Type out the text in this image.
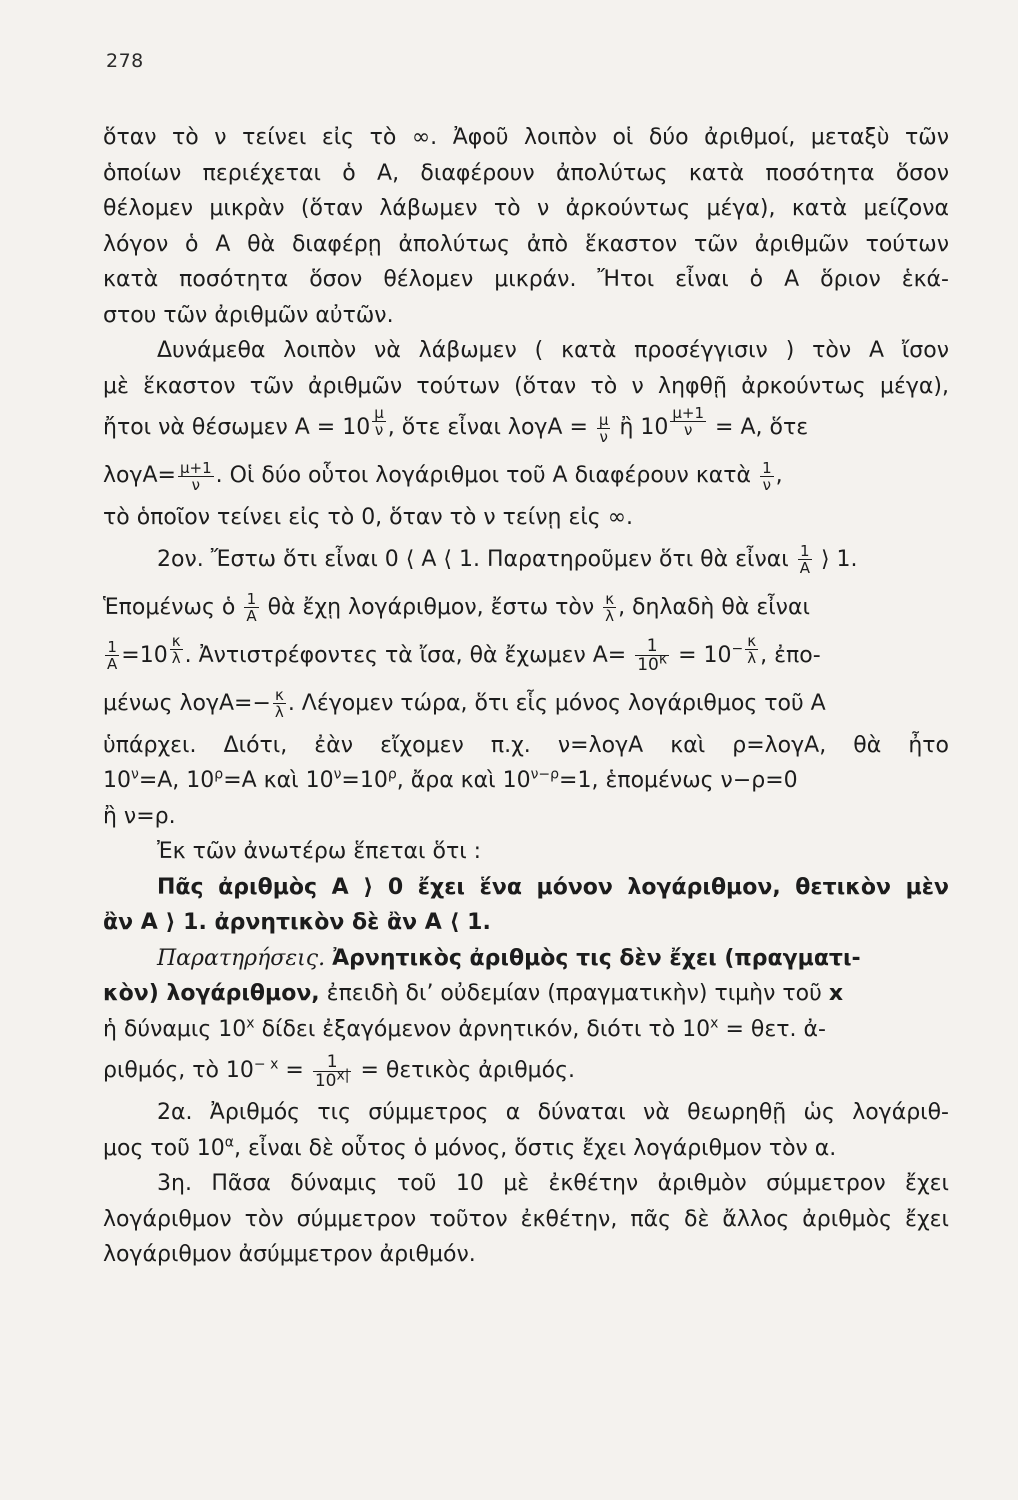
278
ὅταν τὸ ν τείνει εἰς τὸ ∞. Ἀφοῦ λοιπὸν οἱ δύο ἀριθμοί, μεταξὺ τῶν
ὁποίων περιέχεται ὁ Α, διαφέρουν ἀπολύτως κατὰ ποσότητα ὅσον
θέλομεν μικρὰν (ὅταν λάβωμεν τὸ ν ἀρκούντως μέγα), κατὰ μείζονα
λόγον ὁ Α θὰ διαφέρῃ ἀπολύτως ἀπὸ ἕκαστον τῶν ἀριθμῶν τούτων
κατὰ ποσότητα ὅσον θέλομεν μικράν. Ἤτοι εἶναι ὁ Α ὅριον ἑκά-
στου τῶν ἀριθμῶν αὐτῶν.
Δυνάμεθα λοιπὸν νὰ λάβωμεν ( κατὰ προσέγγισιν ) τὸν Α ἴσον
μὲ ἕκαστον τῶν ἀριθμῶν τούτων (ὅταν τὸ ν ληφθῇ ἀρκούντως μέγα),
ἤτοι νὰ θέσωμεν Α = 10 $^{\frac{\mu}{\nu}}$ , ὅτε εἶναι $\lambda o\gamma A = \frac{\mu}{\nu}$ ἢ 10 $^{\frac{\mu+1}{\nu}}$ = Α, ὅτε
$\lambda o\gamma A= \frac{\mu+1}{\nu}$ . Οἱ δύο οὗτοι λογάριθμοι τοῦ Α διαφέρουν κατὰ $\frac{1}{\nu}$ ,
τὸ ὁποῖον τείνει εἰς τὸ 0, ὅταν τὸ ν τείνῃ εἰς ∞.
2ον. Ἔστω ὅτι εἶναι 0 ⟨ Α ⟨ 1. Παρατηροῦμεν ὅτι θὰ εἶναι $\frac{1}{A}$ ⟩ 1.
Ἑπομένως ὁ $\frac{1}{A}$ θὰ ἔχῃ λογάριθμον, ἔστω τὸν $\frac{\kappa}{\lambda}$ , δηλαδὴ θὰ εἶναι
$\frac{1}{A} =10$ $^{\frac{\kappa}{\lambda}}$ . Ἀντιστρέφοντες τὰ ἴσα, θὰ ἔχωμεν $A= \frac{1}{10^\kappa} = 10^{- \frac{\kappa}{\lambda}}$ , ἐπο-
μένως $\lambda o\gamma A=- \frac{\kappa}{\lambda}$ . Λέγομεν τώρα, ὅτι εἷς μόνος λογάριθμος τοῦ Α
ὑπάρχει. Διότι, ἐὰν εἴχομεν π.χ. ν=λογΑ καὶ ρ=λογΑ, θὰ ἦτο
$10^\nu=A$, $10^\rho=A$ καὶ $10^\nu=10^\rho$, ἄρα καὶ $10^{\nu-\rho}=1$, ἑπομένως ν−ρ=0
ἢ ν=ρ.
Ἐκ τῶν ἀνωτέρω ἕπεται ὅτι :
Πᾶς ἀριθμὸς Α ⟩ 0 ἔχει ἕνα μόνον λογάριθμον, θετικὸν μὲν
ἂν Α ⟩ 1. ἀρνητικὸν δὲ ἂν Α ⟨ 1.
Παρατηρήσεις. Ἀρνητικὸς ἀριθμὸς τις δὲν ἔχει (πραγματι-
κὸν) λογάριθμον, ἐπειδὴ δι’ οὐδεμίαν (πραγματικὴν) τιμὴν τοῦ x
ἡ δύναμις 10$^x$ δίδει ἐξαγόμενον ἀρνητικόν, διότι τὸ $10^x = \theta\varepsilon\tau$. ἀ-
ριθμός, τὸ $10^{- x} = \frac{1}{10^{x|}}$ = θετικὸς ἀριθμός.
2α. Ἀριθμός τις σύμμετρος α δύναται νὰ θεωρηθῇ ὡς λογάριθ-
μος τοῦ $10^\alpha$, εἶναι δὲ οὗτος ὁ μόνος, ὅστις ἔχει λογάριθμον τὸν α.
3η. Πᾶσα δύναμις τοῦ 10 μὲ ἐκθέτην ἀριθμὸν σύμμετρον ἔχει
λογάριθμον τὸν σύμμετρον τοῦτον ἐκθέτην, πᾶς δὲ ἄλλος ἀριθμὸς ἔχει
λογάριθμον ἀσύμμετρον ἀριθμόν.
